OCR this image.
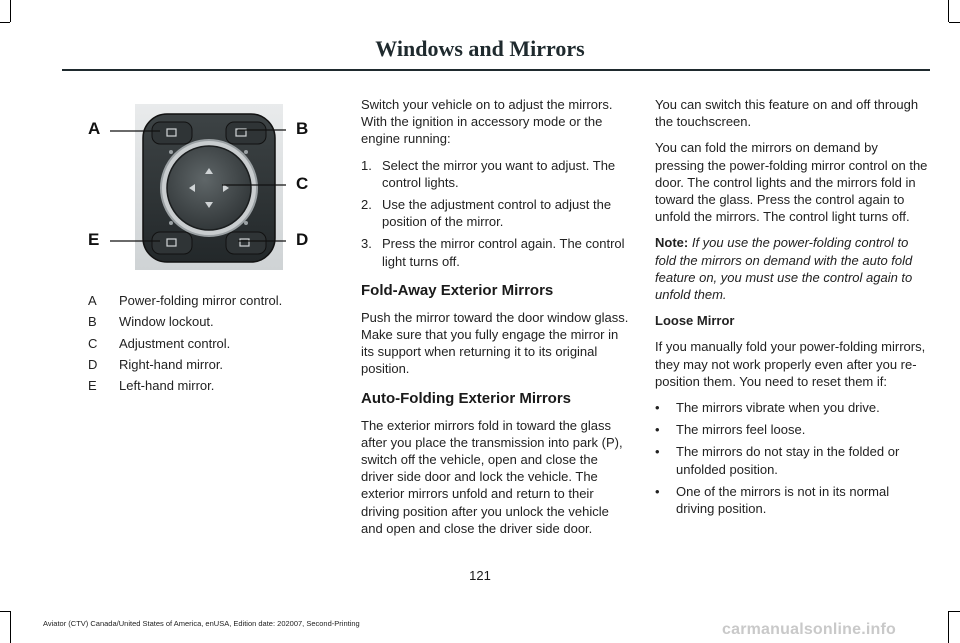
Windows and Mirrors
A	B
C
D
E
A	Power-folding mirror control.
B	Window lockout.
C	Adjustment control.
D	Right-hand mirror.
E	Left-hand mirror.

Switch your vehicle on to adjust the mirrors. With the ignition in accessory mode or the engine running:

1. Select the mirror you want to adjust. The control lights.
2. Use the adjustment control to adjust the position of the mirror.
3. Press the mirror control again. The control light turns off.
Fold-Away Exterior Mirrors

Push the mirror toward the door window glass. Make sure that you fully engage the mirror in its support when returning it to its original position.

Auto-Folding Exterior Mirrors

The exterior mirrors fold in toward the glass after you place the transmission into park (P), switch off the vehicle, open and close the driver side door and lock the vehicle. The exterior mirrors unfold and return to their driving position after you unlock the vehicle and open and close the driver side door.

You can switch this feature on and off through the touchscreen.

You can fold the mirrors on demand by pressing the power-folding mirror control on the door. The control lights and the mirrors fold in toward the glass. Press the control again to unfold the mirrors. The control light turns off.

Note: If you use the power-folding control to fold the mirrors on demand with the auto fold feature on, you must use the control again to unfold them.

Loose Mirror

If you manually fold your power-folding mirrors, they may not work properly even after you re-position them. You need to reset them if:

•	The mirrors vibrate when you drive.
•	The mirrors feel loose.
•	The mirrors do not stay in the folded or unfolded position.
•	One of the mirrors is not in its normal driving position.
121
Aviator (CTV) Canada/United States of America, enUSA, Edition date: 202007, Second-Printing	carmanualsonline.info
